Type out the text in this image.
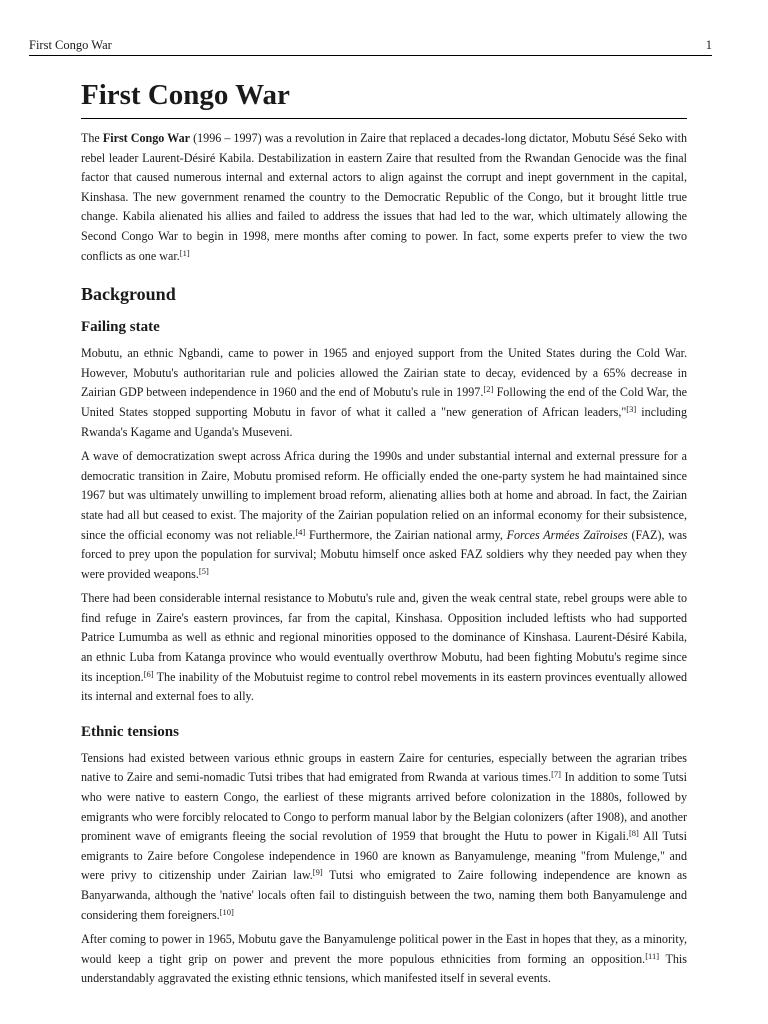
First Congo War	1
First Congo War

The First Congo War (1996 – 1997) was a revolution in Zaire that replaced a decades-long dictator, Mobutu Sésé Seko with rebel leader Laurent-Désiré Kabila. Destabilization in eastern Zaire that resulted from the Rwandan Genocide was the final factor that caused numerous internal and external actors to align against the corrupt and inept government in the capital, Kinshasa. The new government renamed the country to the Democratic Republic of the Congo, but it brought little true change. Kabila alienated his allies and failed to address the issues that had led to the war, which ultimately allowing the Second Congo War to begin in 1998, mere months after coming to power. In fact, some experts prefer to view the two conflicts as one war.[1]

Background
Failing state

Mobutu, an ethnic Ngbandi, came to power in 1965 and enjoyed support from the United States during the Cold War. However, Mobutu's authoritarian rule and policies allowed the Zairian state to decay, evidenced by a 65% decrease in Zairian GDP between independence in 1960 and the end of Mobutu's rule in 1997.[2] Following the end of the Cold War, the United States stopped supporting Mobutu in favor of what it called a "new generation of African leaders,"[3] including Rwanda's Kagame and Uganda's Museveni.

A wave of democratization swept across Africa during the 1990s and under substantial internal and external pressure for a democratic transition in Zaire, Mobutu promised reform. He officially ended the one-party system he had maintained since 1967 but was ultimately unwilling to implement broad reform, alienating allies both at home and abroad. In fact, the Zairian state had all but ceased to exist. The majority of the Zairian population relied on an informal economy for their subsistence, since the official economy was not reliable.[4] Furthermore, the Zairian national army, Forces Armées Zaïroises (FAZ), was forced to prey upon the population for survival; Mobutu himself once asked FAZ soldiers why they needed pay when they were provided weapons.[5]

There had been considerable internal resistance to Mobutu's rule and, given the weak central state, rebel groups were able to find refuge in Zaire's eastern provinces, far from the capital, Kinshasa. Opposition included leftists who had supported Patrice Lumumba as well as ethnic and regional minorities opposed to the dominance of Kinshasa. Laurent-Désiré Kabila, an ethnic Luba from Katanga province who would eventually overthrow Mobutu, had been fighting Mobutu's regime since its inception.[6] The inability of the Mobutuist regime to control rebel movements in its eastern provinces eventually allowed its internal and external foes to ally.

Ethnic tensions

Tensions had existed between various ethnic groups in eastern Zaire for centuries, especially between the agrarian tribes native to Zaire and semi-nomadic Tutsi tribes that had emigrated from Rwanda at various times.[7] In addition to some Tutsi who were native to eastern Congo, the earliest of these migrants arrived before colonization in the 1880s, followed by emigrants who were forcibly relocated to Congo to perform manual labor by the Belgian colonizers (after 1908), and another prominent wave of emigrants fleeing the social revolution of 1959 that brought the Hutu to power in Kigali.[8] All Tutsi emigrants to Zaire before Congolese independence in 1960 are known as Banyamulenge, meaning "from Mulenge," and were privy to citizenship under Zairian law.[9] Tutsi who emigrated to Zaire following independence are known as Banyarwanda, although the 'native' locals often fail to distinguish between the two, naming them both Banyamulenge and considering them foreigners.[10]

After coming to power in 1965, Mobutu gave the Banyamulenge political power in the East in hopes that they, as a minority, would keep a tight grip on power and prevent the more populous ethnicities from forming an opposition.[11] This understandably aggravated the existing ethnic tensions, which manifested itself in several events.
